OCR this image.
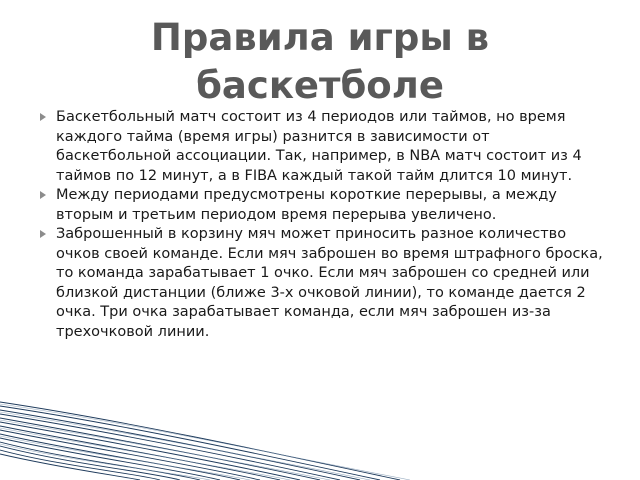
Правила игры в баскетболе
Баскетбольный матч состоит из 4 периодов или таймов, но время каждого тайма (время игры) разнится в зависимости от баскетбольной ассоциации. Так, например, в NBA матч состоит из 4 таймов по 12 минут, а в FIBA каждый такой тайм длится 10 минут.
Между периодами предусмотрены короткие перерывы, а между вторым и третьим периодом время перерыва увеличено.
Заброшенный в корзину мяч может приносить разное количество очков своей команде. Если мяч заброшен во время штрафного броска, то команда зарабатывает 1 очко. Если мяч заброшен со средней или близкой дистанции (ближе 3-х очковой линии), то команде дается 2 очка. Три очка зарабатывает команда, если мяч заброшен из-за трехочковой линии.
